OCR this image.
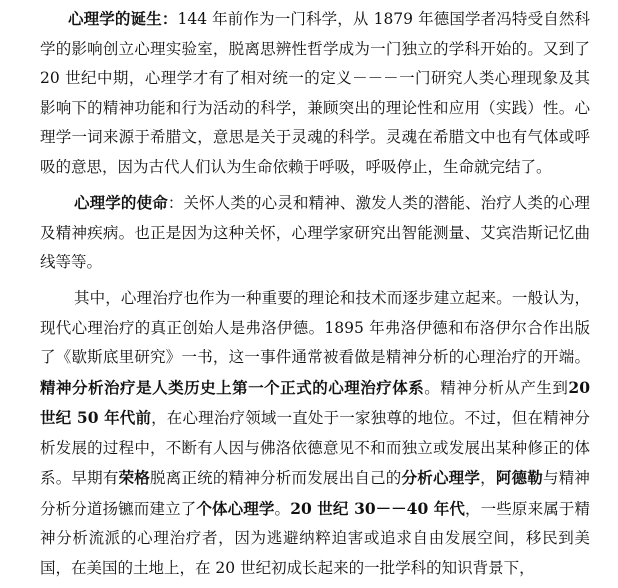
心理学的诞生：144 年前作为一门科学，从 1879 年德国学者冯特受自然科学的影响创立心理实验室，脱离思辨性哲学成为一门独立的学科开始的。又到了 20 世纪中期，心理学才有了相对统一的定义－－－一门研究人类心理现象及其影响下的精神功能和行为活动的科学，兼顾突出的理论性和应用（实践）性。心理学一词来源于希腊文，意思是关于灵魂的科学。灵魂在希腊文中也有气体或呼吸的意思，因为古代人们认为生命依赖于呼吸，呼吸停止，生命就完结了。

心理学的使命：关怀人类的心灵和精神、激发人类的潜能、治疗人类的心理及精神疾病。也正是因为这种关怀，心理学家研究出智能测量、艾宾浩斯记忆曲线等等。

其中，心理治疗也作为一种重要的理论和技术而逐步建立起来。一般认为，现代心理治疗的真正创始人是弗洛伊德。1895 年弗洛伊德和布洛伊尔合作出版了《歇斯底里研究》一书，这一事件通常被看做是精神分析的心理治疗的开端。精神分析治疗是人类历史上第一个正式的心理治疗体系。精神分析从产生到20 世纪 50 年代前，在心理治疗领域一直处于一家独尊的地位。不过，但在精神分析发展的过程中，不断有人因与佛洛依德意见不和而独立或发展出某种修正的体系。早期有荣格脱离正统的精神分析而发展出自己的分析心理学，阿德勒与精神分析分道扬镳而建立了个体心理学。20 世纪 30－－40 年代，一些原来属于精神分析流派的心理治疗者，因为逃避纳粹迫害或追求自由发展空间，移民到美国，在美国的土地上，在 20 世纪初成长起来的一批学科的知识背景下，
